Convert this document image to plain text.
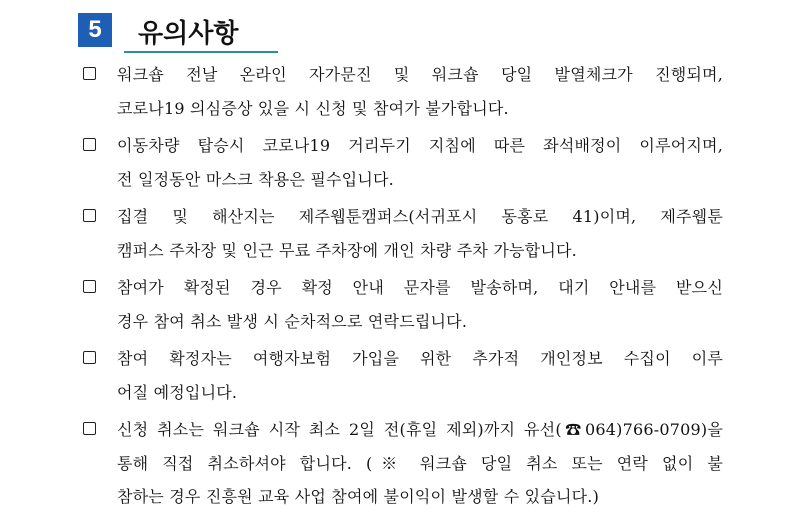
5	유의사항
워크숍 전날 온라인 자가문진 및 워크숍 당일 발열체크가 진행되며,
코로나19 의심증상 있을 시 신청 및 참여가 불가합니다.
이동차량 탑승시 코로나19 거리두기 지침에 따른 좌석배정이 이루어지며,
전 일정동안 마스크 착용은 필수입니다.
집결 및 해산지는 제주웹툰캠퍼스(서귀포시 동홍로 41)이며, 제주웹툰
캠퍼스 주차장 및 인근 무료 주차장에 개인 차량 주차 가능합니다.
참여가 확정된 경우 확정 안내 문자를 발송하며, 대기 안내를 받으신
경우 참여 취소 발생 시 순차적으로 연락드립니다.
참여 확정자는 여행자보험 가입을 위한 추가적 개인정보 수집이 이루
어질 예정입니다.
신청 취소는 워크숍 시작 최소 2일 전(휴일 제외)까지 유선(☎064)766-0709)을
통해 직접 취소하셔야 합니다. (※ 워크숍 당일 취소 또는 연락 없이 불
참하는 경우 진흥원 교육 사업 참여에 불이익이 발생할 수 있습니다.)
